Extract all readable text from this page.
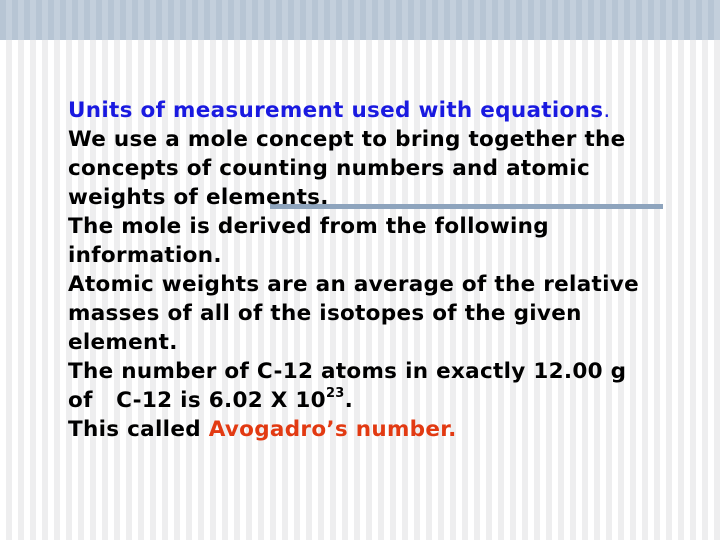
Units of measurement used with equations.
We use a mole concept to bring together the
concepts of counting numbers and atomic
weights of elements.
The mole is derived from the following
information.
Atomic weights are an average of the relative
masses of all of the isotopes of the given
element.
The number of C-12 atoms in exactly 12.00 g
of   C-12 is 6.02 X $10^{23}$.
This called Avogadro’s number.
